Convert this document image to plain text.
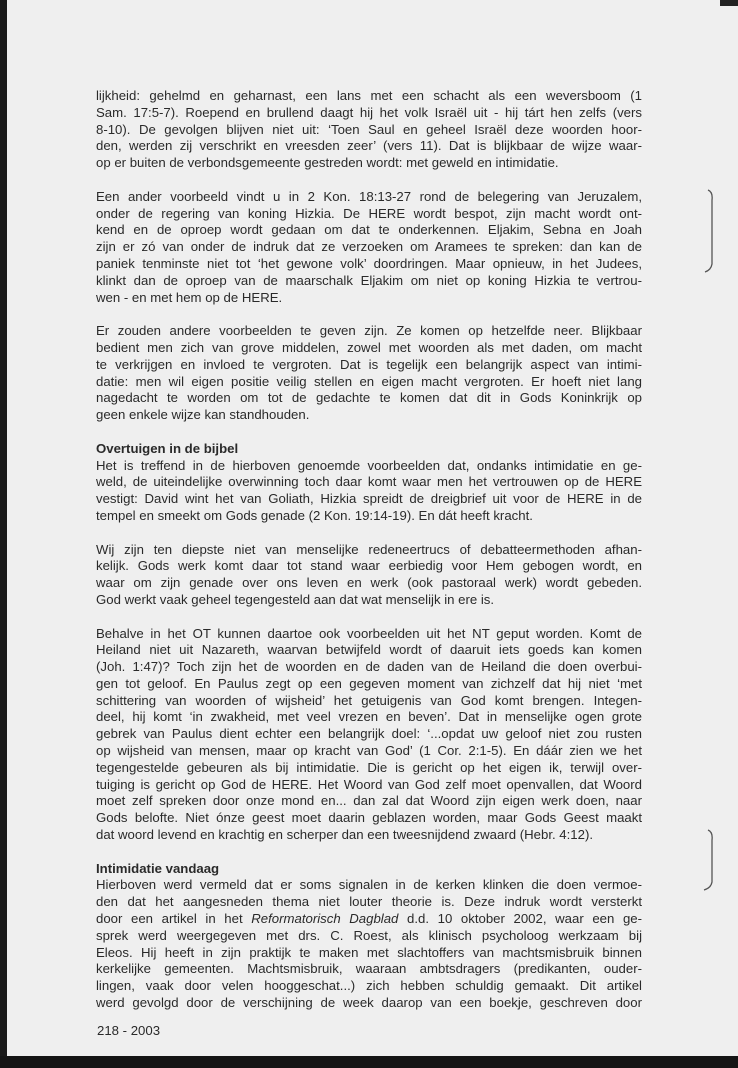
lijkheid: gehelmd en geharnast, een lans met een schacht als een weversboom (1
Sam. 17:5-7). Roepend en brullend daagt hij het volk Israël uit - hij tárt hen zelfs (vers
8-10). De gevolgen blijven niet uit: ‘Toen Saul en geheel Israël deze woorden hoor-
den, werden zij verschrikt en vreesden zeer’ (vers 11). Dat is blijkbaar de wijze waar-
op er buiten de verbondsgemeente gestreden wordt: met geweld en intimidatie.
Een ander voorbeeld vindt u in 2 Kon. 18:13-27 rond de belegering van Jeruzalem,
onder de regering van koning Hizkia. De HERE wordt bespot, zijn macht wordt ont-
kend en de oproep wordt gedaan om dat te onderkennen. Eljakim, Sebna en Joah
zijn er zó van onder de indruk dat ze verzoeken om Aramees te spreken: dan kan de
paniek tenminste niet tot ‘het gewone volk’ doordringen. Maar opnieuw, in het Judees,
klinkt dan de oproep van de maarschalk Eljakim om niet op koning Hizkia te vertrou-
wen - en met hem op de HERE.
Er zouden andere voorbeelden te geven zijn. Ze komen op hetzelfde neer. Blijkbaar
bedient men zich van grove middelen, zowel met woorden als met daden, om macht
te verkrijgen en invloed te vergroten. Dat is tegelijk een belangrijk aspect van intimi-
datie: men wil eigen positie veilig stellen en eigen macht vergroten. Er hoeft niet lang
nagedacht te worden om tot de gedachte te komen dat dit in Gods Koninkrijk op
geen enkele wijze kan standhouden.
Overtuigen in de bijbel
Het is treffend in de hierboven genoemde voorbeelden dat, ondanks intimidatie en ge-
weld, de uiteindelijke overwinning toch daar komt waar men het vertrouwen op de HERE
vestigt: David wint het van Goliath, Hizkia spreidt de dreigbrief uit voor de HERE in de
tempel en smeekt om Gods genade (2 Kon. 19:14-19). En dát heeft kracht.
Wij zijn ten diepste niet van menselijke redeneertrucs of debatteermethoden afhan-
kelijk. Gods werk komt daar tot stand waar eerbiedig voor Hem gebogen wordt, en
waar om zijn genade over ons leven en werk (ook pastoraal werk) wordt gebeden.
God werkt vaak geheel tegengesteld aan dat wat menselijk in ere is.
Behalve in het OT kunnen daartoe ook voorbeelden uit het NT geput worden. Komt de
Heiland niet uit Nazareth, waarvan betwijfeld wordt of daaruit iets goeds kan komen
(Joh. 1:47)? Toch zijn het de woorden en de daden van de Heiland die doen overbui-
gen tot geloof. En Paulus zegt op een gegeven moment van zichzelf dat hij niet ‘met
schittering van woorden of wijsheid’ het getuigenis van God komt brengen. Integen-
deel, hij komt ‘in zwakheid, met veel vrezen en beven’. Dat in menselijke ogen grote
gebrek van Paulus dient echter een belangrijk doel: ‘...opdat uw geloof niet zou rusten
op wijsheid van mensen, maar op kracht van God’ (1 Cor. 2:1-5). En dáár zien we het
tegengestelde gebeuren als bij intimidatie. Die is gericht op het eigen ik, terwijl over-
tuiging is gericht op God de HERE. Het Woord van God zelf moet openvallen, dat Woord
moet zelf spreken door onze mond en... dan zal dat Woord zijn eigen werk doen, naar
Gods belofte. Niet ónze geest moet daarin geblazen worden, maar Gods Geest maakt
dat woord levend en krachtig en scherper dan een tweesnijdend zwaard (Hebr. 4:12).
Intimidatie vandaag
Hierboven werd vermeld dat er soms signalen in de kerken klinken die doen vermoe-
den dat het aangesneden thema niet louter theorie is. Deze indruk wordt versterkt
door een artikel in het Reformatorisch Dagblad d.d. 10 oktober 2002, waar een ge-
sprek werd weergegeven met drs. C. Roest, als klinisch psycholoog werkzaam bij
Eleos. Hij heeft in zijn praktijk te maken met slachtoffers van machtsmisbruik binnen
kerkelijke gemeenten. Machtsmisbruik, waaraan ambtsdragers (predikanten, ouder-
lingen, vaak door velen hooggeschat...) zich hebben schuldig gemaakt. Dit artikel
werd gevolgd door de verschijning de week daarop van een boekje, geschreven door
218 - 2003
